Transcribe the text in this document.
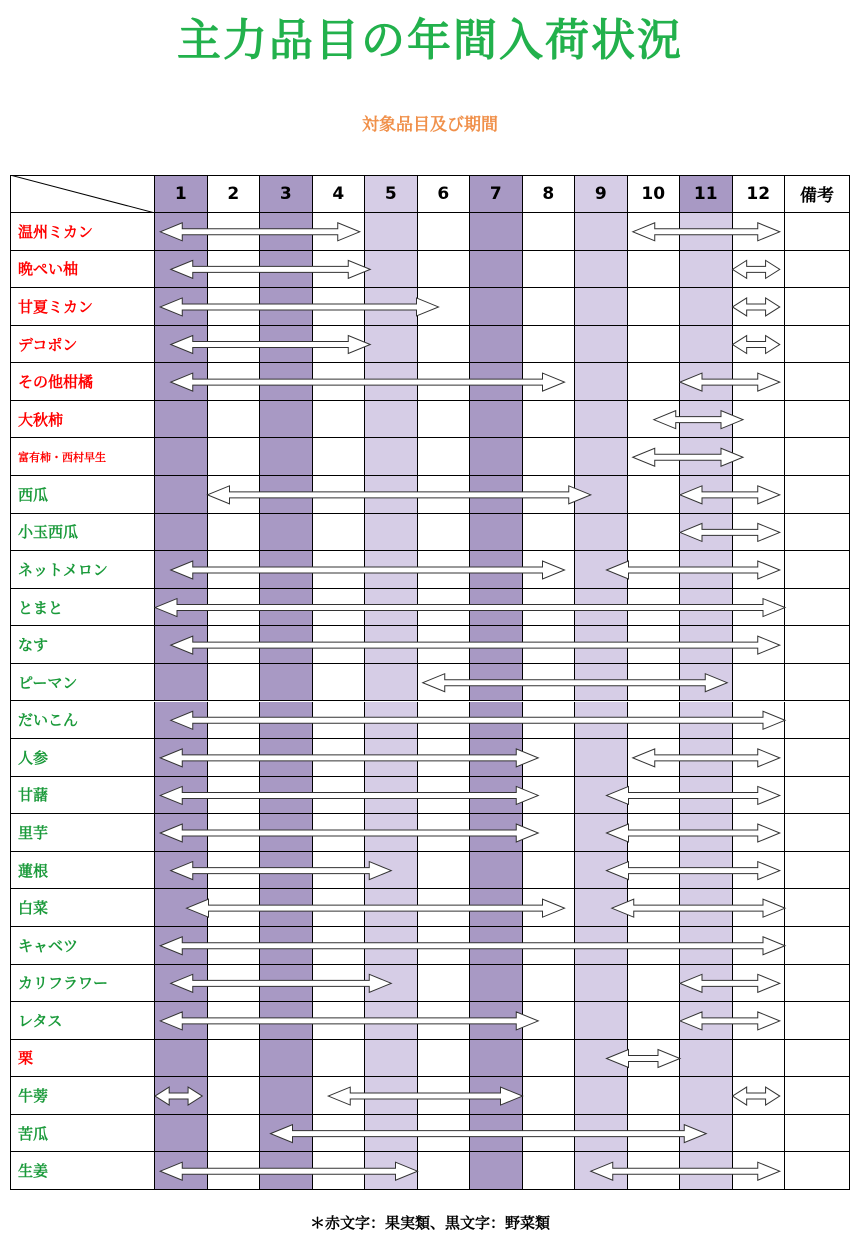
主力品目の年間入荷状況
対象品目及び期間
1	2	3	4	5	6	7	8	9	10	11	12	備考
温州ミカン
晩ぺい柚
甘夏ミカン
デコポン
その他柑橘
大秋柿
富有柿・西村早生
西瓜
小玉西瓜
ネットメロン
とまと
なす
ピーマン
だいこん
人参
甘藷
里芋
蓮根
白菜
キャベツ
カリフラワー
レタス
栗
牛蒡
苦瓜
生姜
＊赤文字：果実類、黒文字：野菜類
